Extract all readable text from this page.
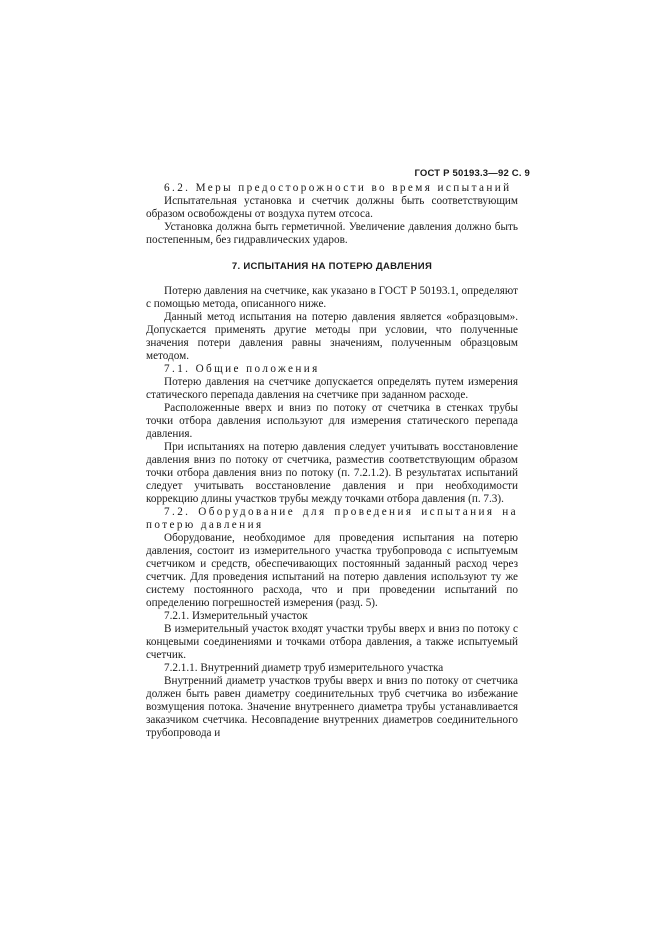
ГОСТ Р 50193.3—92 С. 9

6.2. Меры предосторожности во время испытаний

Испытательная установка и счетчик должны быть соответствующим образом освобождены от воздуха путем отсоса.

Установка должна быть герметичной. Увеличение давления должно быть постепенным, без гидравлических ударов.

7. ИСПЫТАНИЯ НА ПОТЕРЮ ДАВЛЕНИЯ

Потерю давления на счетчике, как указано в ГОСТ Р 50193.1, определяют с помощью метода, описанного ниже.

Данный метод испытания на потерю давления является «образцовым». Допускается применять другие методы при условии, что полученные значения потери давления равны значениям, полученным образцовым методом.

7.1. Общие положения

Потерю давления на счетчике допускается определять путем измерения статического перепада давления на счетчике при заданном расходе.

Расположенные вверх и вниз по потоку от счетчика в стенках трубы точки отбора давления используют для измерения статического перепада давления.

При испытаниях на потерю давления следует учитывать восстановление давления вниз по потоку от счетчика, разместив соответствующим образом точки отбора давления вниз по потоку (п. 7.2.1.2). В результатах испытаний следует учитывать восстановление давления и при необходимости коррекцию длины участков трубы между точками отбора давления (п. 7.3).

7.2. Оборудование для проведения испытания на потерю давления

Оборудование, необходимое для проведения испытания на потерю давления, состоит из измерительного участка трубопровода с испытуемым счетчиком и средств, обеспечивающих постоянный заданный расход через счетчик. Для проведения испытаний на потерю давления используют ту же систему постоянного расхода, что и при проведении испытаний по определению погрешностей измерения (разд. 5).

7.2.1. Измерительный участок

В измерительный участок входят участки трубы вверх и вниз по потоку с концевыми соединениями и точками отбора давления, а также испытуемый счетчик.

7.2.1.1. Внутренний диаметр труб измерительного участка

Внутренний диаметр участков трубы вверх и вниз по потоку от счетчика должен быть равен диаметру соединительных труб счетчика во избежание возмущения потока. Значение внутреннего диаметра трубы устанавливается заказчиком счетчика. Несовпадение внутренних диаметров соединительного трубопровода и
